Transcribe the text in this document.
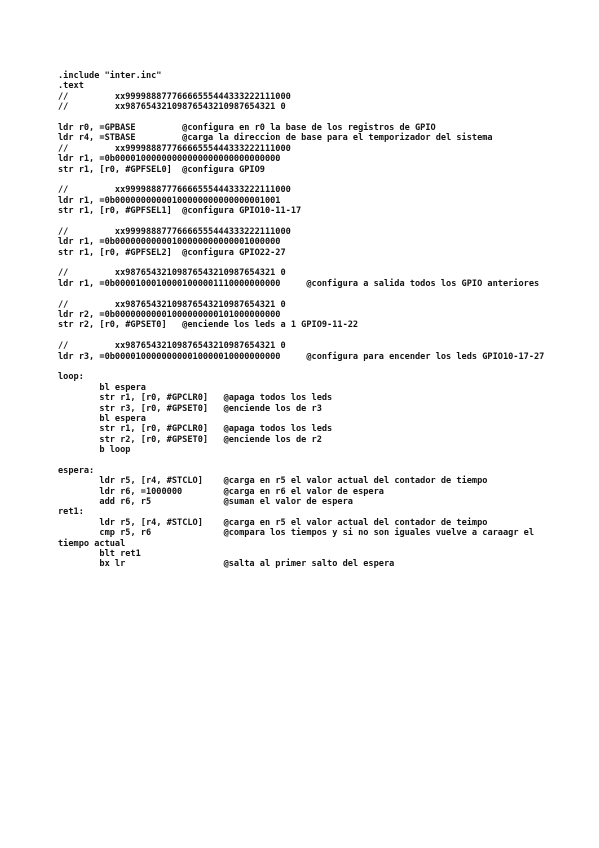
.include "inter.inc"
.text
//         xx99998887776666555444333222111000
//         xx98765432109876543210987654321 0
ldr r0, =GPBASE         @configura en r0 la base de los registros de GPIO
ldr r4, =STBASE         @carga la direccion de base para el temporizador del sistema
//         xx99998887776666555444333222111000
ldr r1, =0b00001000000000000000000000000000
str r1, [r0, #GPFSEL0]  @configura GPIO9
//         xx99998887776666555444333222111000
ldr r1, =0b00000000000100000000000000001001
str r1, [r0, #GPFSEL1]  @configura GPIO10-11-17
//         xx99998887776666555444333222111000
ldr r1, =0b00000000000100000000000001000000
str r1, [r0, #GPFSEL2]  @configura GPIO22-27
//         xx98765432109876543210987654321 0
ldr r1, =0b00001000100001000001110000000000     @configura a salida todos los GPIO anteriores
//         xx98765432109876543210987654321 0
ldr r2, =0b00000000001000000000101000000000
str r2, [r0, #GPSET0]   @enciende los leds a 1 GPIO9-11-22
//         xx98765432109876543210987654321 0
ldr r3, =0b00001000000000010000010000000000     @configura para encender los leds GPIO10-17-27
loop:
bl espera
str r1, [r0, #GPCLR0]   @apaga todos los leds
str r3, [r0, #GPSET0]   @enciende los de r3
bl espera
str r1, [r0, #GPCLR0]   @apaga todos los leds
str r2, [r0, #GPSET0]   @enciende los de r2
b loop
espera:
ldr r5, [r4, #STCLO]    @carga en r5 el valor actual del contador de tiempo
ldr r6, =1000000        @carga en r6 el valor de espera
add r6, r5              @suman el valor de espera
ret1:
ldr r5, [r4, #STCLO]    @carga en r5 el valor actual del contador de teimpo
cmp r5, r6              @compara los tiempos y si no son iguales vuelve a caraagr el tiempo actual
blt ret1
bx lr                   @salta al primer salto del espera
